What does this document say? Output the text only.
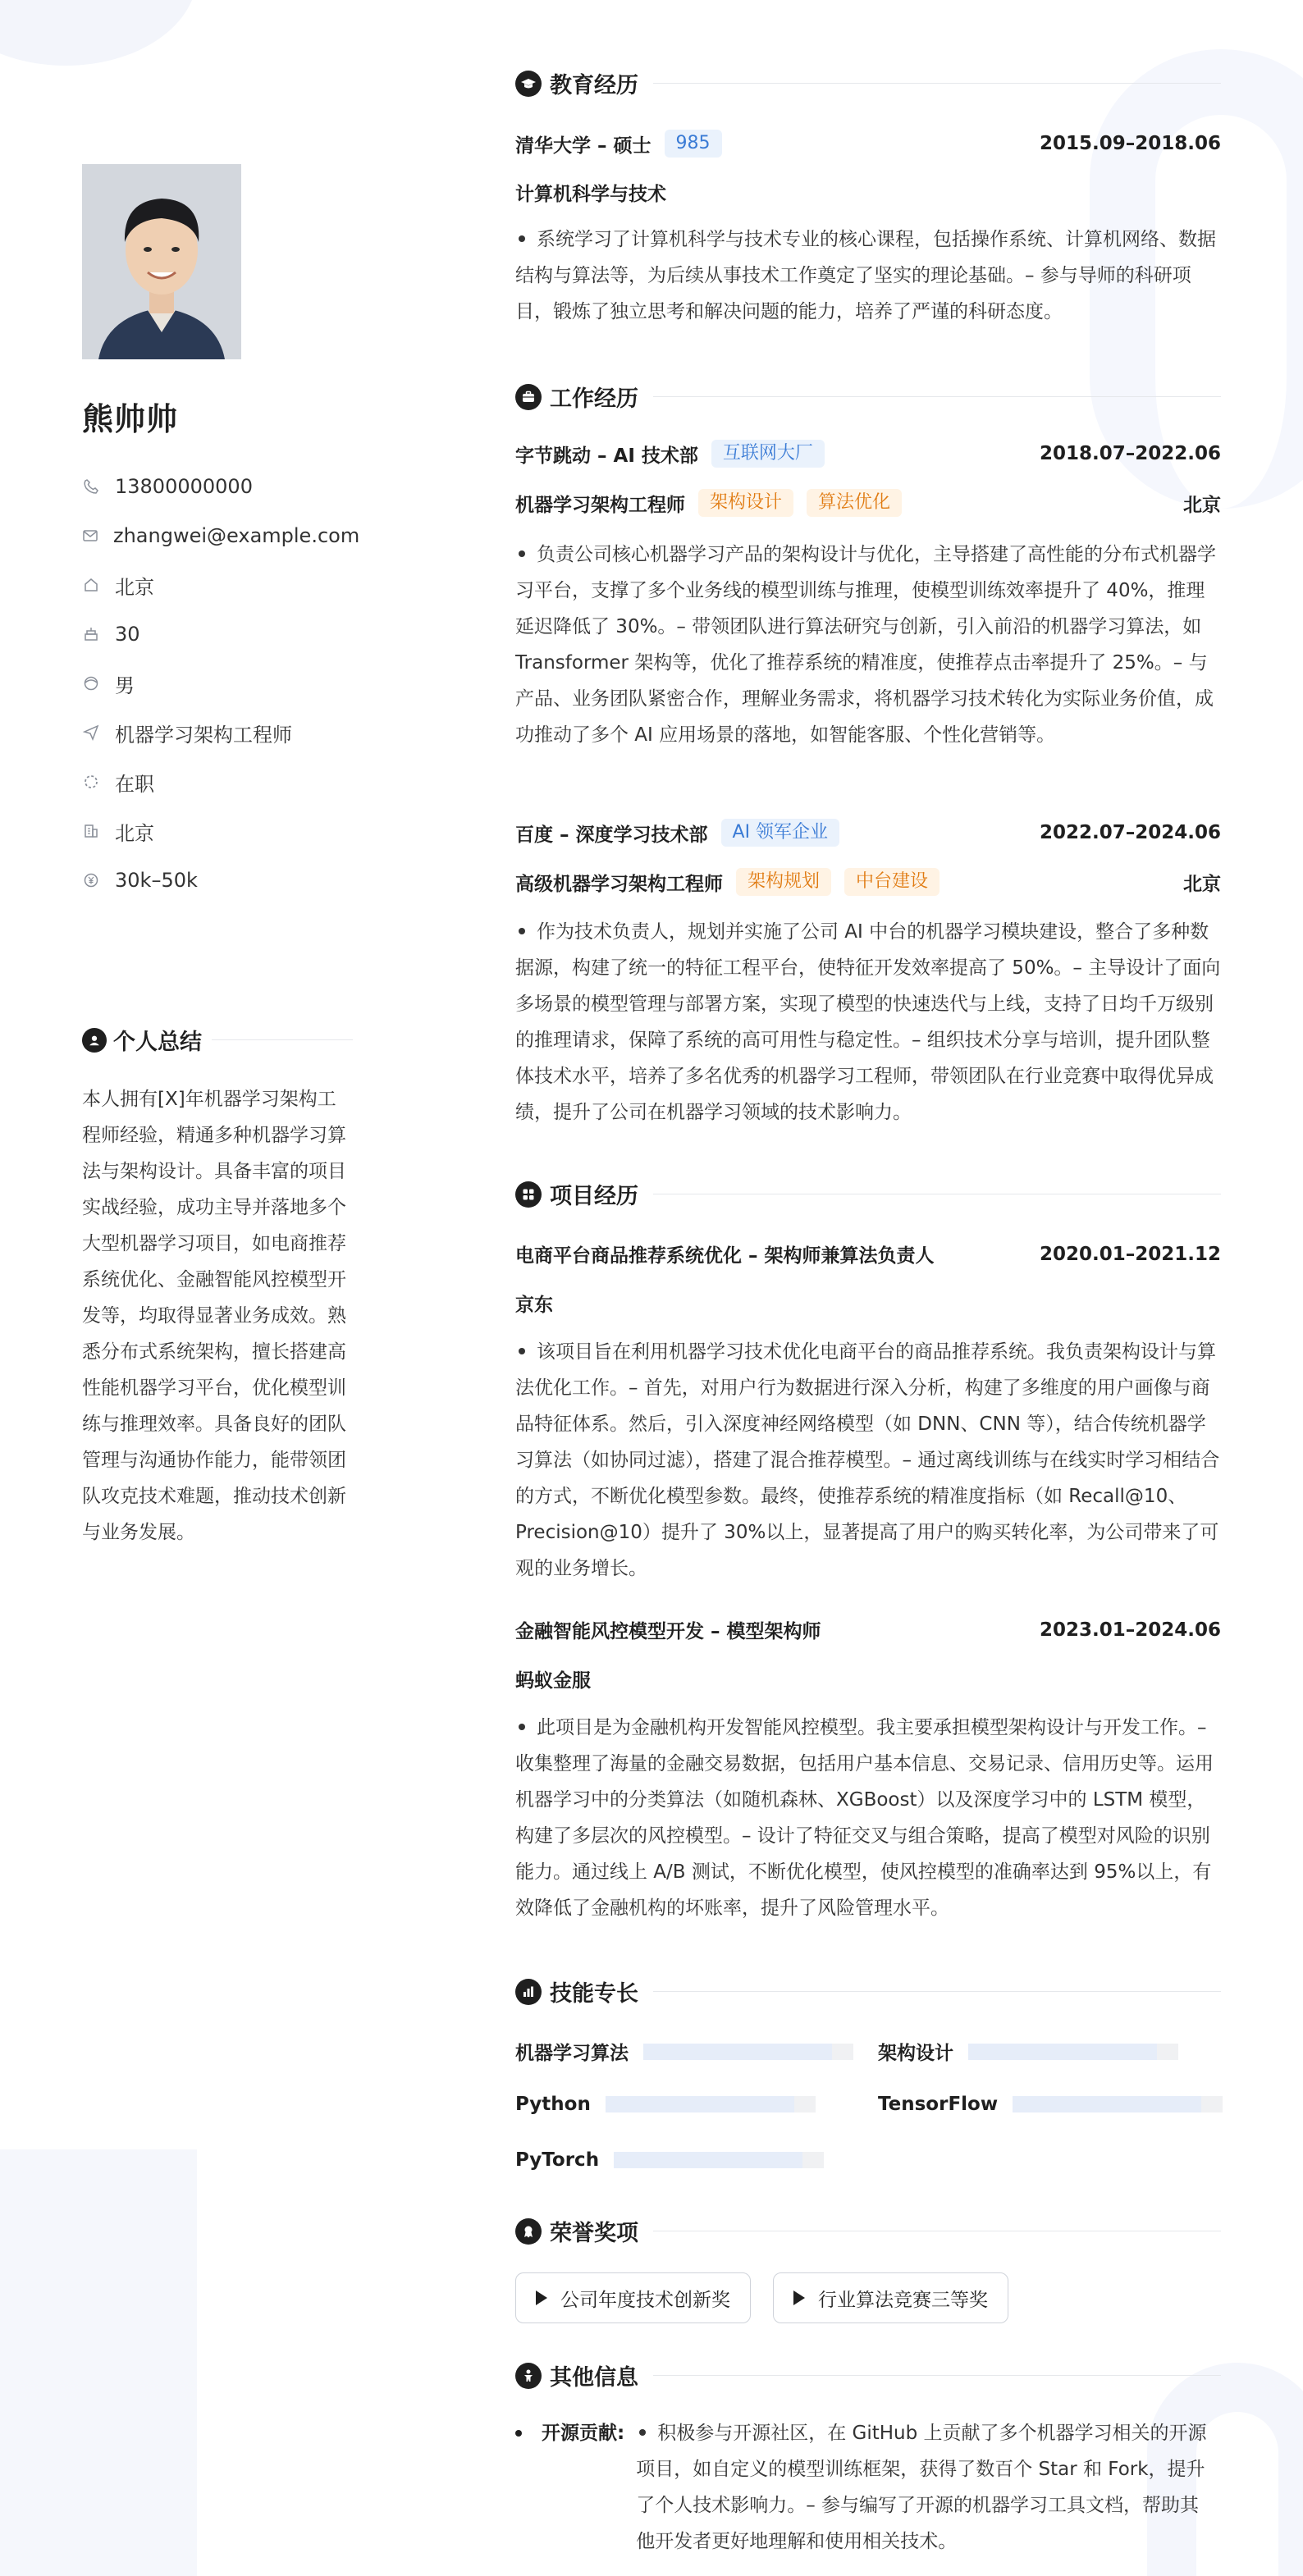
熊帅帅
13800000000
zhangwei@example.com
北京
30
男
机器学习架构工程师
在职
北京
30k–50k
个人总结
本人拥有[X]年机器学习架构工程师经验，精通多种机器学习算法与架构设计。具备丰富的项目实战经验，成功主导并落地多个大型机器学习项目，如电商推荐系统优化、金融智能风控模型开发等，均取得显著业务成效。熟悉分布式系统架构，擅长搭建高性能机器学习平台，优化模型训练与推理效率。具备良好的团队管理与沟通协作能力，能带领团队攻克技术难题，推动技术创新与业务发展。
教育经历
清华大学 – 硕士	985	2015.09–2018.06
计算机科学与技术
系统学习了计算机科学与技术专业的核心课程，包括操作系统、计算机网络、数据结构与算法等，为后续从事技术工作奠定了坚实的理论基础。– 参与导师的科研项目，锻炼了独立思考和解决问题的能力，培养了严谨的科研态度。
工作经历
字节跳动 – AI 技术部	互联网大厂	2018.07–2022.06
机器学习架构工程师	架构设计	算法优化	北京
负责公司核心机器学习产品的架构设计与优化，主导搭建了高性能的分布式机器学习平台，支撑了多个业务线的模型训练与推理，使模型训练效率提升了 40%，推理延迟降低了 30%。– 带领团队进行算法研究与创新，引入前沿的机器学习算法，如 Transformer 架构等，优化了推荐系统的精准度，使推荐点击率提升了 25%。– 与产品、业务团队紧密合作，理解业务需求，将机器学习技术转化为实际业务价值，成功推动了多个 AI 应用场景的落地，如智能客服、个性化营销等。
百度 – 深度学习技术部	AI 领军企业	2022.07–2024.06
高级机器学习架构工程师	架构规划	中台建设	北京
作为技术负责人，规划并实施了公司 AI 中台的机器学习模块建设，整合了多种数据源，构建了统一的特征工程平台，使特征开发效率提高了 50%。– 主导设计了面向多场景的模型管理与部署方案，实现了模型的快速迭代与上线，支持了日均千万级别的推理请求，保障了系统的高可用性与稳定性。– 组织技术分享与培训，提升团队整体技术水平，培养了多名优秀的机器学习工程师，带领团队在行业竞赛中取得优异成绩，提升了公司在机器学习领域的技术影响力。
项目经历
电商平台商品推荐系统优化 – 架构师兼算法负责人	2020.01–2021.12
京东
该项目旨在利用机器学习技术优化电商平台的商品推荐系统。我负责架构设计与算法优化工作。– 首先，对用户行为数据进行深入分析，构建了多维度的用户画像与商品特征体系。然后，引入深度神经网络模型（如 DNN、CNN 等），结合传统机器学习算法（如协同过滤），搭建了混合推荐模型。– 通过离线训练与在线实时学习相结合的方式，不断优化模型参数。最终，使推荐系统的精准度指标（如 Recall@10、Precision@10）提升了 30%以上，显著提高了用户的购买转化率，为公司带来了可观的业务增长。
金融智能风控模型开发 – 模型架构师	2023.01–2024.06
蚂蚁金服
此项目是为金融机构开发智能风控模型。我主要承担模型架构设计与开发工作。– 收集整理了海量的金融交易数据，包括用户基本信息、交易记录、信用历史等。运用机器学习中的分类算法（如随机森林、XGBoost）以及深度学习中的 LSTM 模型，构建了多层次的风控模型。– 设计了特征交叉与组合策略，提高了模型对风险的识别能力。通过线上 A/B 测试，不断优化模型，使风控模型的准确率达到 95%以上，有效降低了金融机构的坏账率，提升了风险管理水平。
技能专长
机器学习算法	架构设计
Python	TensorFlow
PyTorch
荣誉奖项
公司年度技术创新奖	行业算法竞赛三等奖
其他信息
开源贡献:	积极参与开源社区，在 GitHub 上贡献了多个机器学习相关的开源项目，如自定义的模型训练框架，获得了数百个 Star 和 Fork，提升了个人技术影响力。– 参与编写了开源的机器学习工具文档，帮助其他开发者更好地理解和使用相关技术。
